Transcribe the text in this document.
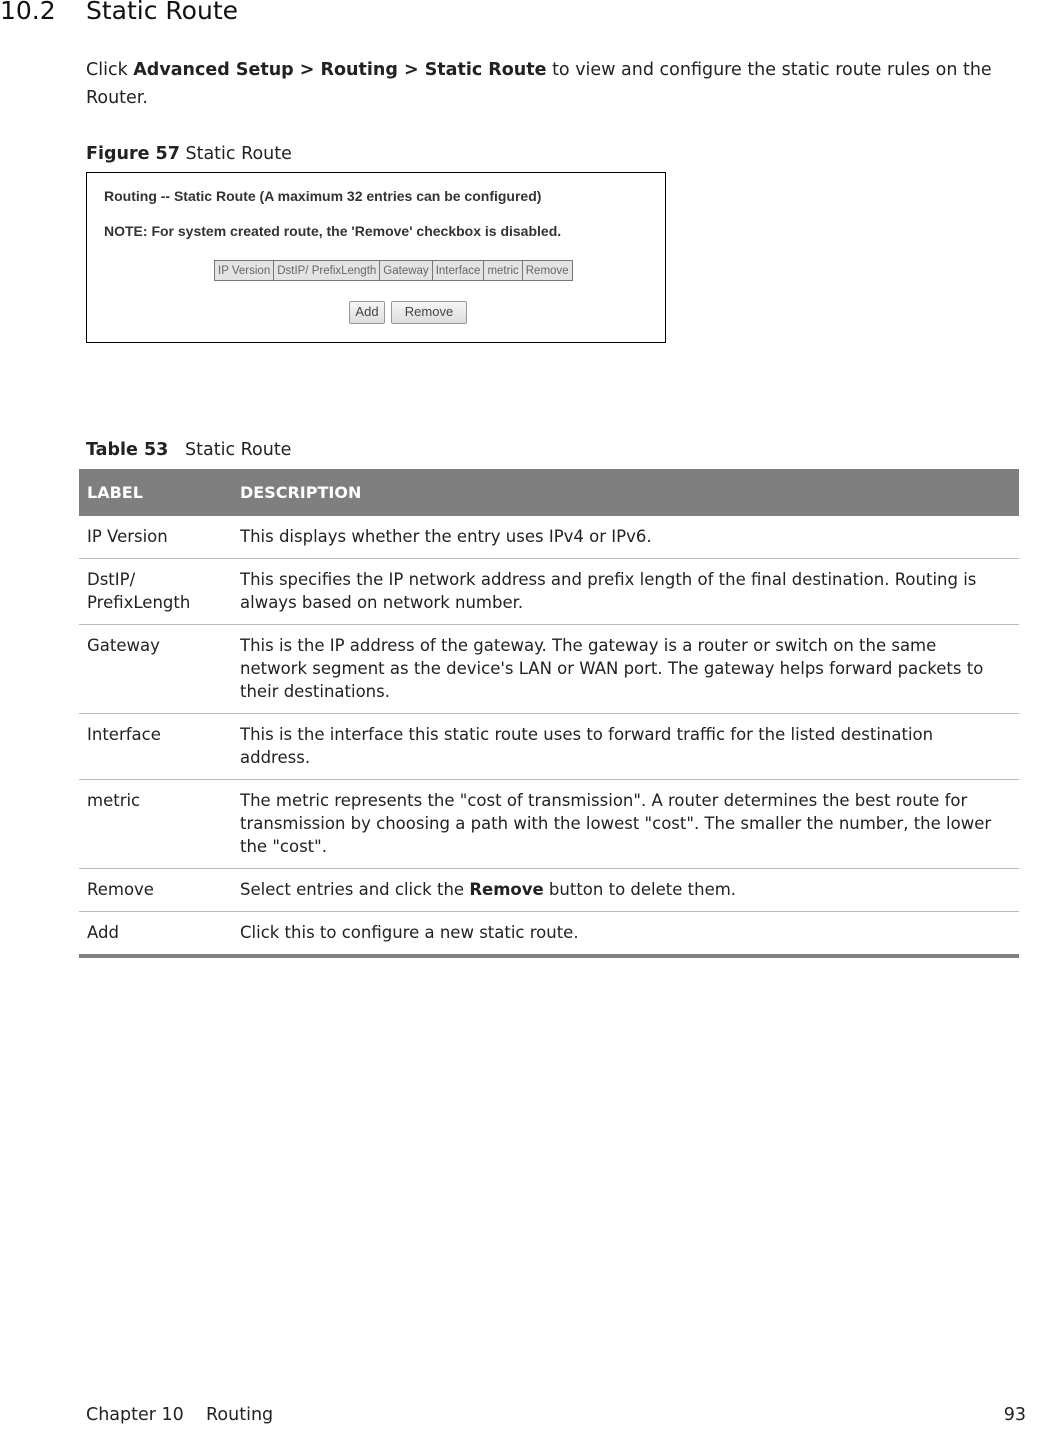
10.2 Static Route
Click Advanced Setup > Routing > Static Route to view and configure the static route rules on the Router.
Figure 57 Static Route
Routing -- Static Route (A maximum 32 entries can be configured)
NOTE: For system created route, the 'Remove' checkbox is disabled.
IP Version	DstIP/ PrefixLength	Gateway	Interface	metric	Remove
Add	Remove
Table 53 Static Route
LABEL	DESCRIPTION
IP Version	This displays whether the entry uses IPv4 or IPv6.
DstIP/ PrefixLength	This specifies the IP network address and prefix length of the final destination. Routing is always based on network number.
Gateway	This is the IP address of the gateway. The gateway is a router or switch on the same network segment as the device's LAN or WAN port. The gateway helps forward packets to their destinations.
Interface	This is the interface this static route uses to forward traffic for the listed destination address.
metric	The metric represents the "cost of transmission". A router determines the best route for transmission by choosing a path with the lowest "cost". The smaller the number, the lower the "cost".
Remove	Select entries and click the Remove button to delete them.
Add	Click this to configure a new static route.
Chapter 10    Routing	93
